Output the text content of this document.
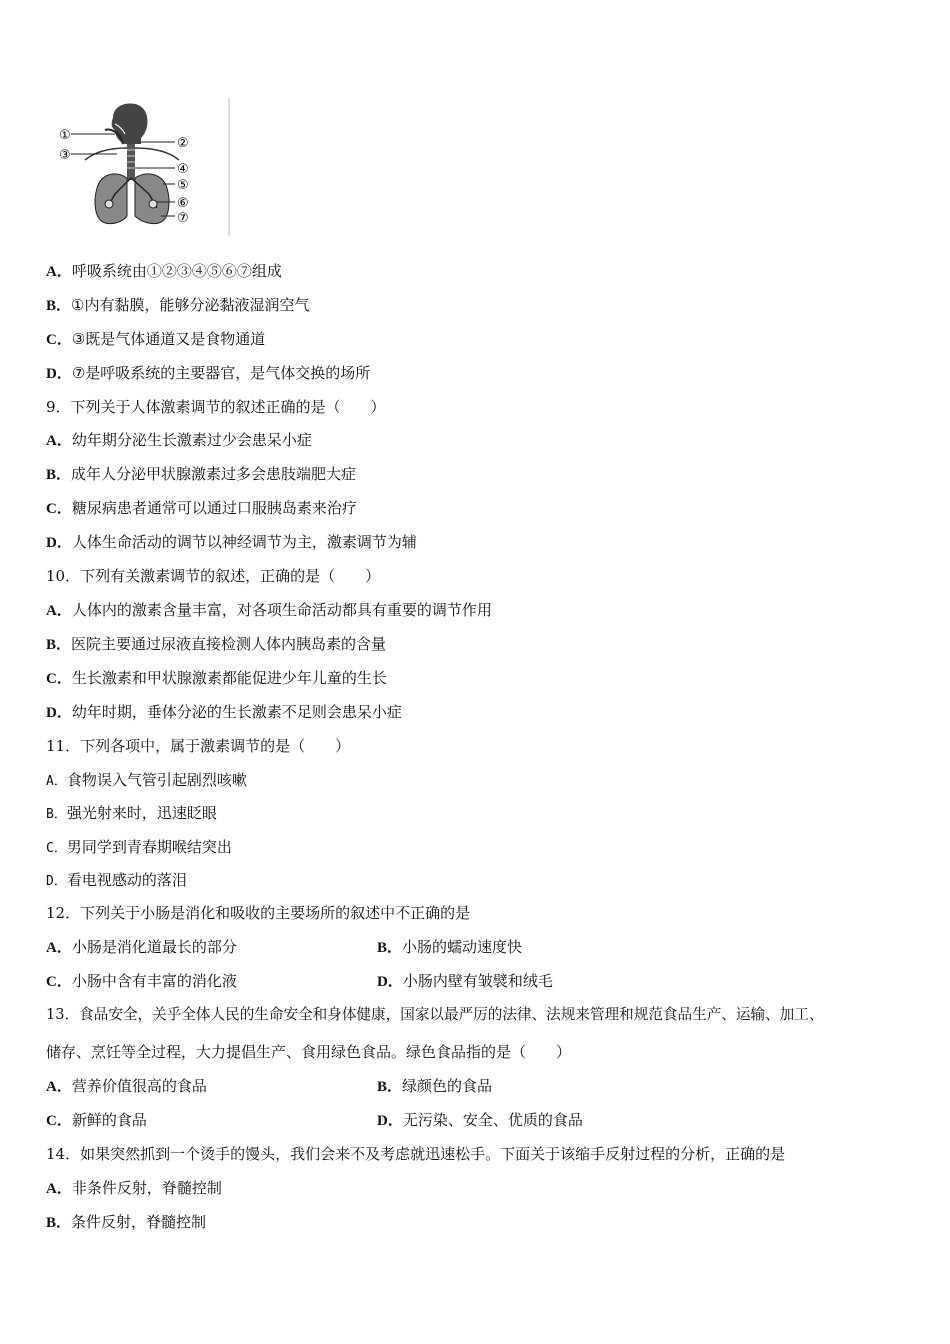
①
③
②
④
⑤
⑥
⑦
A．呼吸系统由①②③④⑤⑥⑦组成
B．①内有黏膜，能够分泌黏液湿润空气
C．③既是气体通道又是食物通道
D．⑦是呼吸系统的主要器官，是气体交换的场所
9．下列关于人体激素调节的叙述正确的是（　　）
A．幼年期分泌生长激素过少会患呆小症
B．成年人分泌甲状腺激素过多会患肢端肥大症
C．糖尿病患者通常可以通过口服胰岛素来治疗
D．人体生命活动的调节以神经调节为主，激素调节为辅
10．下列有关激素调节的叙述，正确的是（　　）
A．人体内的激素含量丰富，对各项生命活动都具有重要的调节作用
B．医院主要通过尿液直接检测人体内胰岛素的含量
C．生长激素和甲状腺激素都能促进少年儿童的生长
D．幼年时期，垂体分泌的生长激素不足则会患呆小症
11．下列各项中，属于激素调节的是（　　）
A．食物误入气管引起剧烈咳嗽
B．强光射来时，迅速眨眼
C．男同学到青春期喉结突出
D．看电视感动的落泪
12．下列关于小肠是消化和吸收的主要场所的叙述中不正确的是
A．小肠是消化道最长的部分	B．小肠的蠕动速度快
C．小肠中含有丰富的消化液	D．小肠内壁有皱襞和绒毛
13．食品安全，关乎全体人民的生命安全和身体健康，国家以最严厉的法律、法规来管理和规范食品生产、运输、加工、
储存、烹饪等全过程，大力提倡生产、食用绿色食品。绿色食品指的是（　　）
A．营养价值很高的食品	B．绿颜色的食品
C．新鲜的食品	D．无污染、安全、优质的食品
14．如果突然抓到一个烫手的馒头，我们会来不及考虑就迅速松手。下面关于该缩手反射过程的分析，正确的是
A．非条件反射，脊髓控制
B．条件反射，脊髓控制
